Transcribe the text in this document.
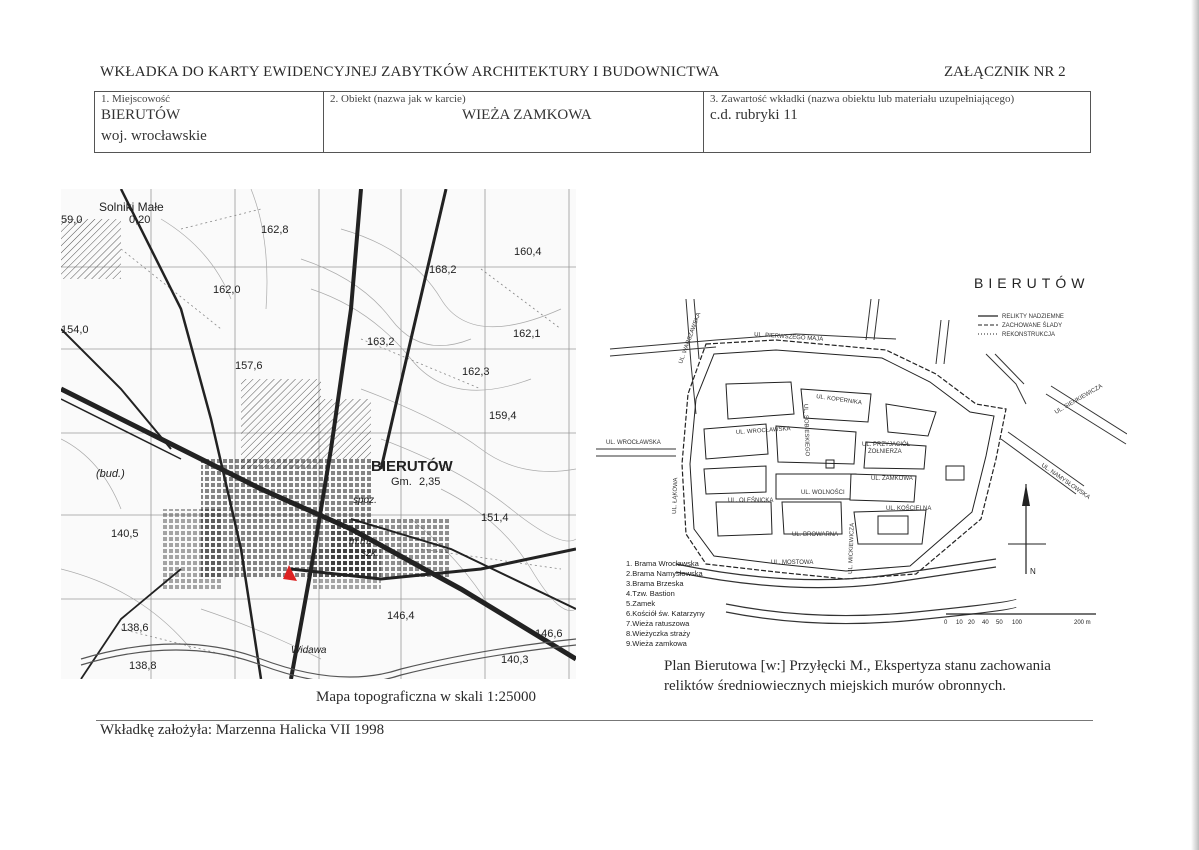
WKŁADKA DO KARTY EWIDENCYJNEJ ZABYTKÓW ARCHITEKTURY I BUDOWNICTWA	ZAŁĄCZNIK NR 2
1. Miejscowość
BIERUTÓW
woj. wrocławskie
2. Obiekt (nazwa jak w karcie)
WIEŻA ZAMKOWA
3. Zawartość wkładki (nazwa obiektu lub materiału uzupełniającego)
c.d. rubryki 11
59,0
Solniki Małe
0,20
162,8
168,2
160,4
162,0
154,0
163,2
162,1
157,6	162,3
159,4
BIERUTÓW
Gm. 2,35
(bud.)
151,4
140,5
spoz.
m.m.
szk.
138,6
146,4
146,6
138,8	140,3
Widawa
Mapa topograficzna w skali 1:25000
BIERUTÓW
RELIKTY NADZIEMNE
ZACHOWANE ŚLADY
REKONSTRUKCJA
N
UL. PIERWSZEGO MAJA
UL. WROCŁAWSKA
UL. WROCŁAWSKA
UL. KOPERNIKA
UL. SOBIESKIEGO	UL. PRZYJACIÓŁ
ŻOŁNIERZA
UL. WOLNOŚCI
UL. ZAMKOWA
UL. OLEŚNICKA
UL. KOŚCIELNA
UL. BROWARNA
UL. MOSTOWA	UL. MICKIEWICZA
UL. NAMYSŁOWSKA
UL. SIENKIEWICZA
UL. ŁĄKOWA
UL. WARSZAWSKA
1. Brama Wrocławska
2.Brama Namysłowska
3.Brama Brzeska
4.Tzw. Bastion
5.Zamek
6.Kościół św. Katarzyny
7.Wieża ratuszowa
8.Wieżyczka straży
9.Wieża zamkowa
0 10 20 40 50 100	200 m
Plan Bierutowa [w:] Przyłęcki M., Ekspertyza stanu zachowania
reliktów średniowiecznych miejskich murów obronnych.
Wkładkę założyła: Marzenna Halicka VII 1998
